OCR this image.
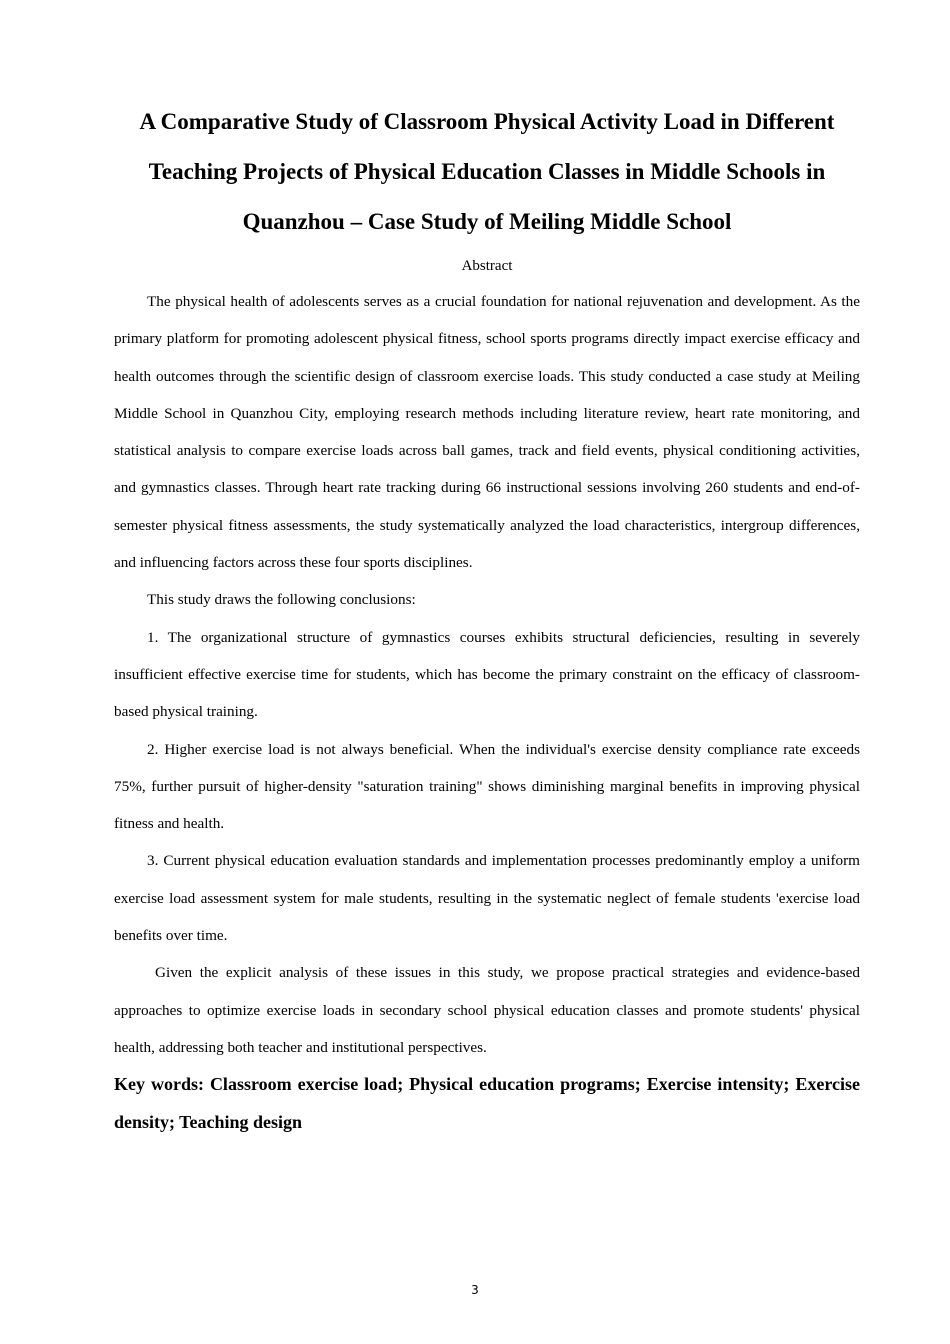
A Comparative Study of Classroom Physical Activity Load in Different Teaching Projects of Physical Education Classes in Middle Schools in Quanzhou – Case Study of Meiling Middle School
Abstract

The physical health of adolescents serves as a crucial foundation for national rejuvenation and development. As the primary platform for promoting adolescent physical fitness, school sports programs directly impact exercise efficacy and health outcomes through the scientific design of classroom exercise loads. This study conducted a case study at Meiling Middle School in Quanzhou City, employing research methods including literature review, heart rate monitoring, and statistical analysis to compare exercise loads across ball games, track and field events, physical conditioning activities, and gymnastics classes. Through heart rate tracking during 66 instructional sessions involving 260 students and end-of-semester physical fitness assessments, the study systematically analyzed the load characteristics, intergroup differences, and influencing factors across these four sports disciplines.

This study draws the following conclusions:

1. The organizational structure of gymnastics courses exhibits structural deficiencies, resulting in severely insufficient effective exercise time for students, which has become the primary constraint on the efficacy of classroom-based physical training.

2. Higher exercise load is not always beneficial. When the individual's exercise density compliance rate exceeds 75%, further pursuit of higher-density "saturation training" shows diminishing marginal benefits in improving physical fitness and health.

3. Current physical education evaluation standards and implementation processes predominantly employ a uniform exercise load assessment system for male students, resulting in the systematic neglect of female students 'exercise load benefits over time.

Given the explicit analysis of these issues in this study, we propose practical strategies and evidence-based approaches to optimize exercise loads in secondary school physical education classes and promote students' physical health, addressing both teacher and institutional perspectives.

Key words: Classroom exercise load; Physical education programs; Exercise intensity; Exercise density; Teaching design

3
